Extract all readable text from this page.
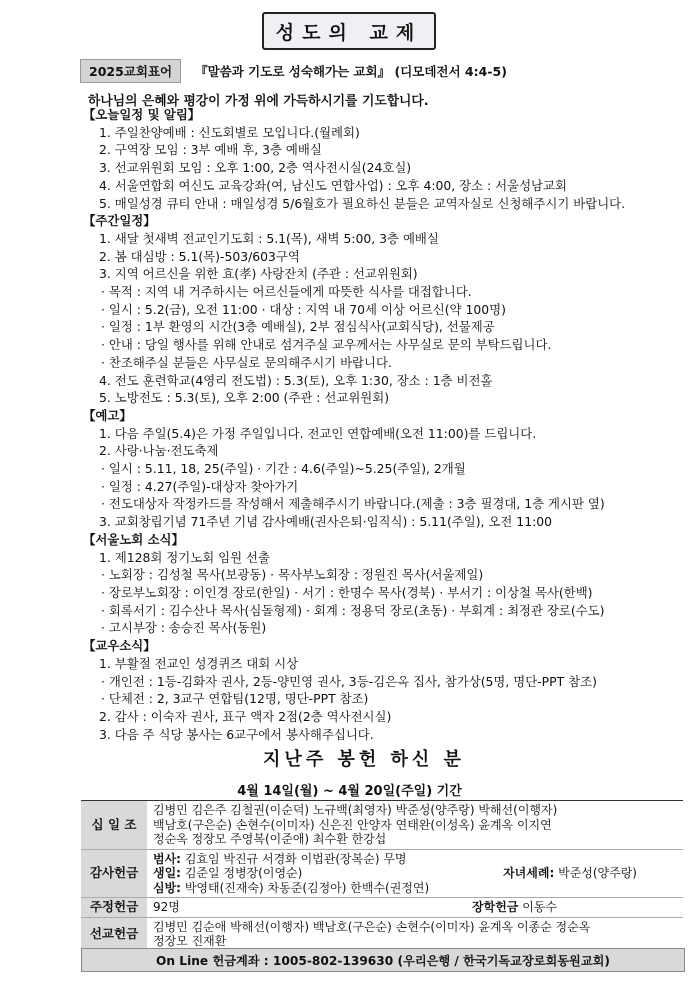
성도의 교제
2025교회표어	『말씀과 기도로 성숙해가는 교회』 (디모데전서 4:4-5)
하나님의 은혜와 평강이 가정 위에 가득하시기를 기도합니다.
【오늘일정 및 알림】
1. 주일찬양예배 : 신도회별로 모입니다.(월례회)
2. 구역장 모임 : 3부 예배 후, 3층 예배실
3. 선교위원회 모임 : 오후 1:00, 2층 역사전시실(24호실)
4. 서울연합회 여신도 교육강좌(여, 남신도 연합사업) : 오후 4:00, 장소 : 서울성남교회
5. 매일성경 큐티 안내 : 매일성경 5/6월호가 필요하신 분들은 교역자실로 신청해주시기 바랍니다.
【주간일정】
1. 새달 첫새벽 전교인기도회 : 5.1(목), 새벽 5:00, 3층 예배실
2. 봄 대심방 : 5.1(목)-503/603구역
3. 지역 어르신을 위한 효(孝) 사랑잔치 (주관 : 선교위원회)
· 목적 : 지역 내 거주하시는 어르신들에게 따뜻한 식사를 대접합니다.
· 일시 : 5.2(금), 오전 11:00 · 대상 : 지역 내 70세 이상 어르신(약 100명)
· 일정 : 1부 환영의 시간(3층 예배실), 2부 점심식사(교회식당), 선물제공
· 안내 : 당일 행사를 위해 안내로 섬겨주실 교우께서는 사무실로 문의 부탁드립니다.
· 찬조해주실 분들은 사무실로 문의해주시기 바랍니다.
4. 전도 훈련학교(4영리 전도법) : 5.3(토), 오후 1:30, 장소 : 1층 비전홀
5. 노방전도 : 5.3(토), 오후 2:00 (주관 : 선교위원회)
【예고】
1. 다음 주일(5.4)은 가정 주일입니다. 전교인 연합예배(오전 11:00)를 드립니다.
2. 사랑·나눔·전도축제
· 일시 : 5.11, 18, 25(주일) · 기간 : 4.6(주일)~5.25(주일), 2개월
· 일정 : 4.27(주일)-대상자 찾아가기
· 전도대상자 작정카드를 작성해서 제출해주시기 바랍니다.(제출 : 3층 필경대, 1층 게시판 옆)
3. 교회창립기념 71주년 기념 감사예배(권사은퇴·임직식) : 5.11(주일), 오전 11:00
【서울노회 소식】
1. 제128회 정기노회 임원 선출
· 노회장 : 김성철 목사(보광동) · 목사부노회장 : 정원진 목사(서울제일)
· 장로부노회장 : 이인경 장로(한일) · 서기 : 한명수 목사(경북) · 부서기 : 이상철 목사(한백)
· 회록서기 : 김수산나 목사(심돌형제) · 회계 : 정용덕 장로(초동) · 부회계 : 최정관 장로(수도)
· 고시부장 : 송승진 목사(동원)
【교우소식】
1. 부활절 전교인 성경퀴즈 대회 시상
· 개인전 : 1등-김화자 권사, 2등-양민영 권사, 3등-김은옥 집사, 참가상(5명, 명단-PPT 참조)
· 단체전 : 2, 3교구 연합팀(12명, 명단-PPT 참조)
2. 감사 : 이숙자 권사, 표구 액자 2점(2층 역사전시실)
3. 다음 주 식당 봉사는 6교구에서 봉사해주십니다.
지난주 봉헌 하신 분
4월 14일(월) ~ 4월 20일(주일) 기간
십 일 조
김병민 김은주 김철권(이순덕) 노규백(최영자) 박준성(양주랑) 박해선(이행자)
백남호(구은순) 손현수(이미자) 신은진 안양자 연태완(이성옥) 윤계옥 이지연
정순옥 정장모 주영복(이준애) 최수환 한강섭
감사헌금
범사: 김효임 박진규 서경화 이법관(장복순) 무명
생일: 김준일 정병장(이영순)	자녀세례: 박준성(양주랑)
심방: 박영태(진재숙) 차동준(김정아) 한백수(권정연)
주정헌금	92명	장학헌금 이동수
선교헌금	김병민 김순애 박해선(이행자) 백남호(구은순) 손현수(이미자) 윤계옥 이종순 정순옥
정장모 진재환
On Line 헌금계좌 : 1005-802-139630 (우리은행 / 한국기독교장로회동원교회)
